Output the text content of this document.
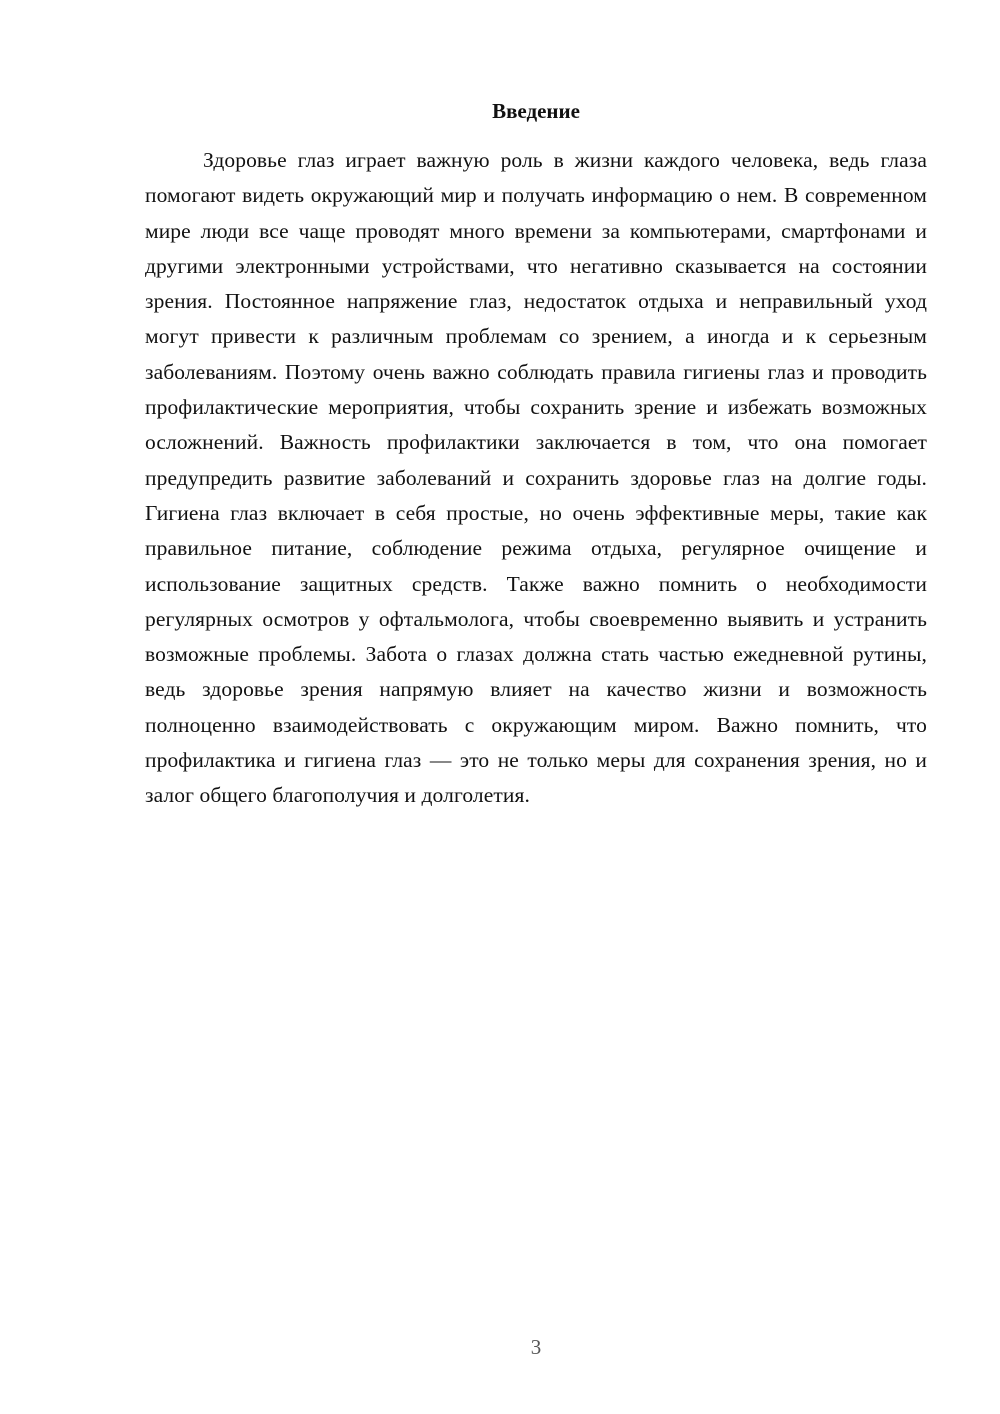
Введение

Здоровье глаз играет важную роль в жизни каждого человека, ведь глаза помогают видеть окружающий мир и получать информацию о нем. В современном мире люди все чаще проводят много времени за компьютерами, смартфонами и другими электронными устройствами, что негативно сказывается на состоянии зрения. Постоянное напряжение глаз, недостаток отдыха и неправильный уход могут привести к различным проблемам со зрением, а иногда и к серьезным заболеваниям. Поэтому очень важно соблюдать правила гигиены глаз и проводить профилактические мероприятия, чтобы сохранить зрение и избежать возможных осложнений. Важность профилактики заключается в том, что она помогает предупредить развитие заболеваний и сохранить здоровье глаз на долгие годы. Гигиена глаз включает в себя простые, но очень эффективные меры, такие как правильное питание, соблюдение режима отдыха, регулярное очищение и использование защитных средств. Также важно помнить о необходимости регулярных осмотров у офтальмолога, чтобы своевременно выявить и устранить возможные проблемы. Забота о глазах должна стать частью ежедневной рутины, ведь здоровье зрения напрямую влияет на качество жизни и возможность полноценно взаимодействовать с окружающим миром. Важно помнить, что профилактика и гигиена глаз — это не только меры для сохранения зрения, но и залог общего благополучия и долголетия.

3
